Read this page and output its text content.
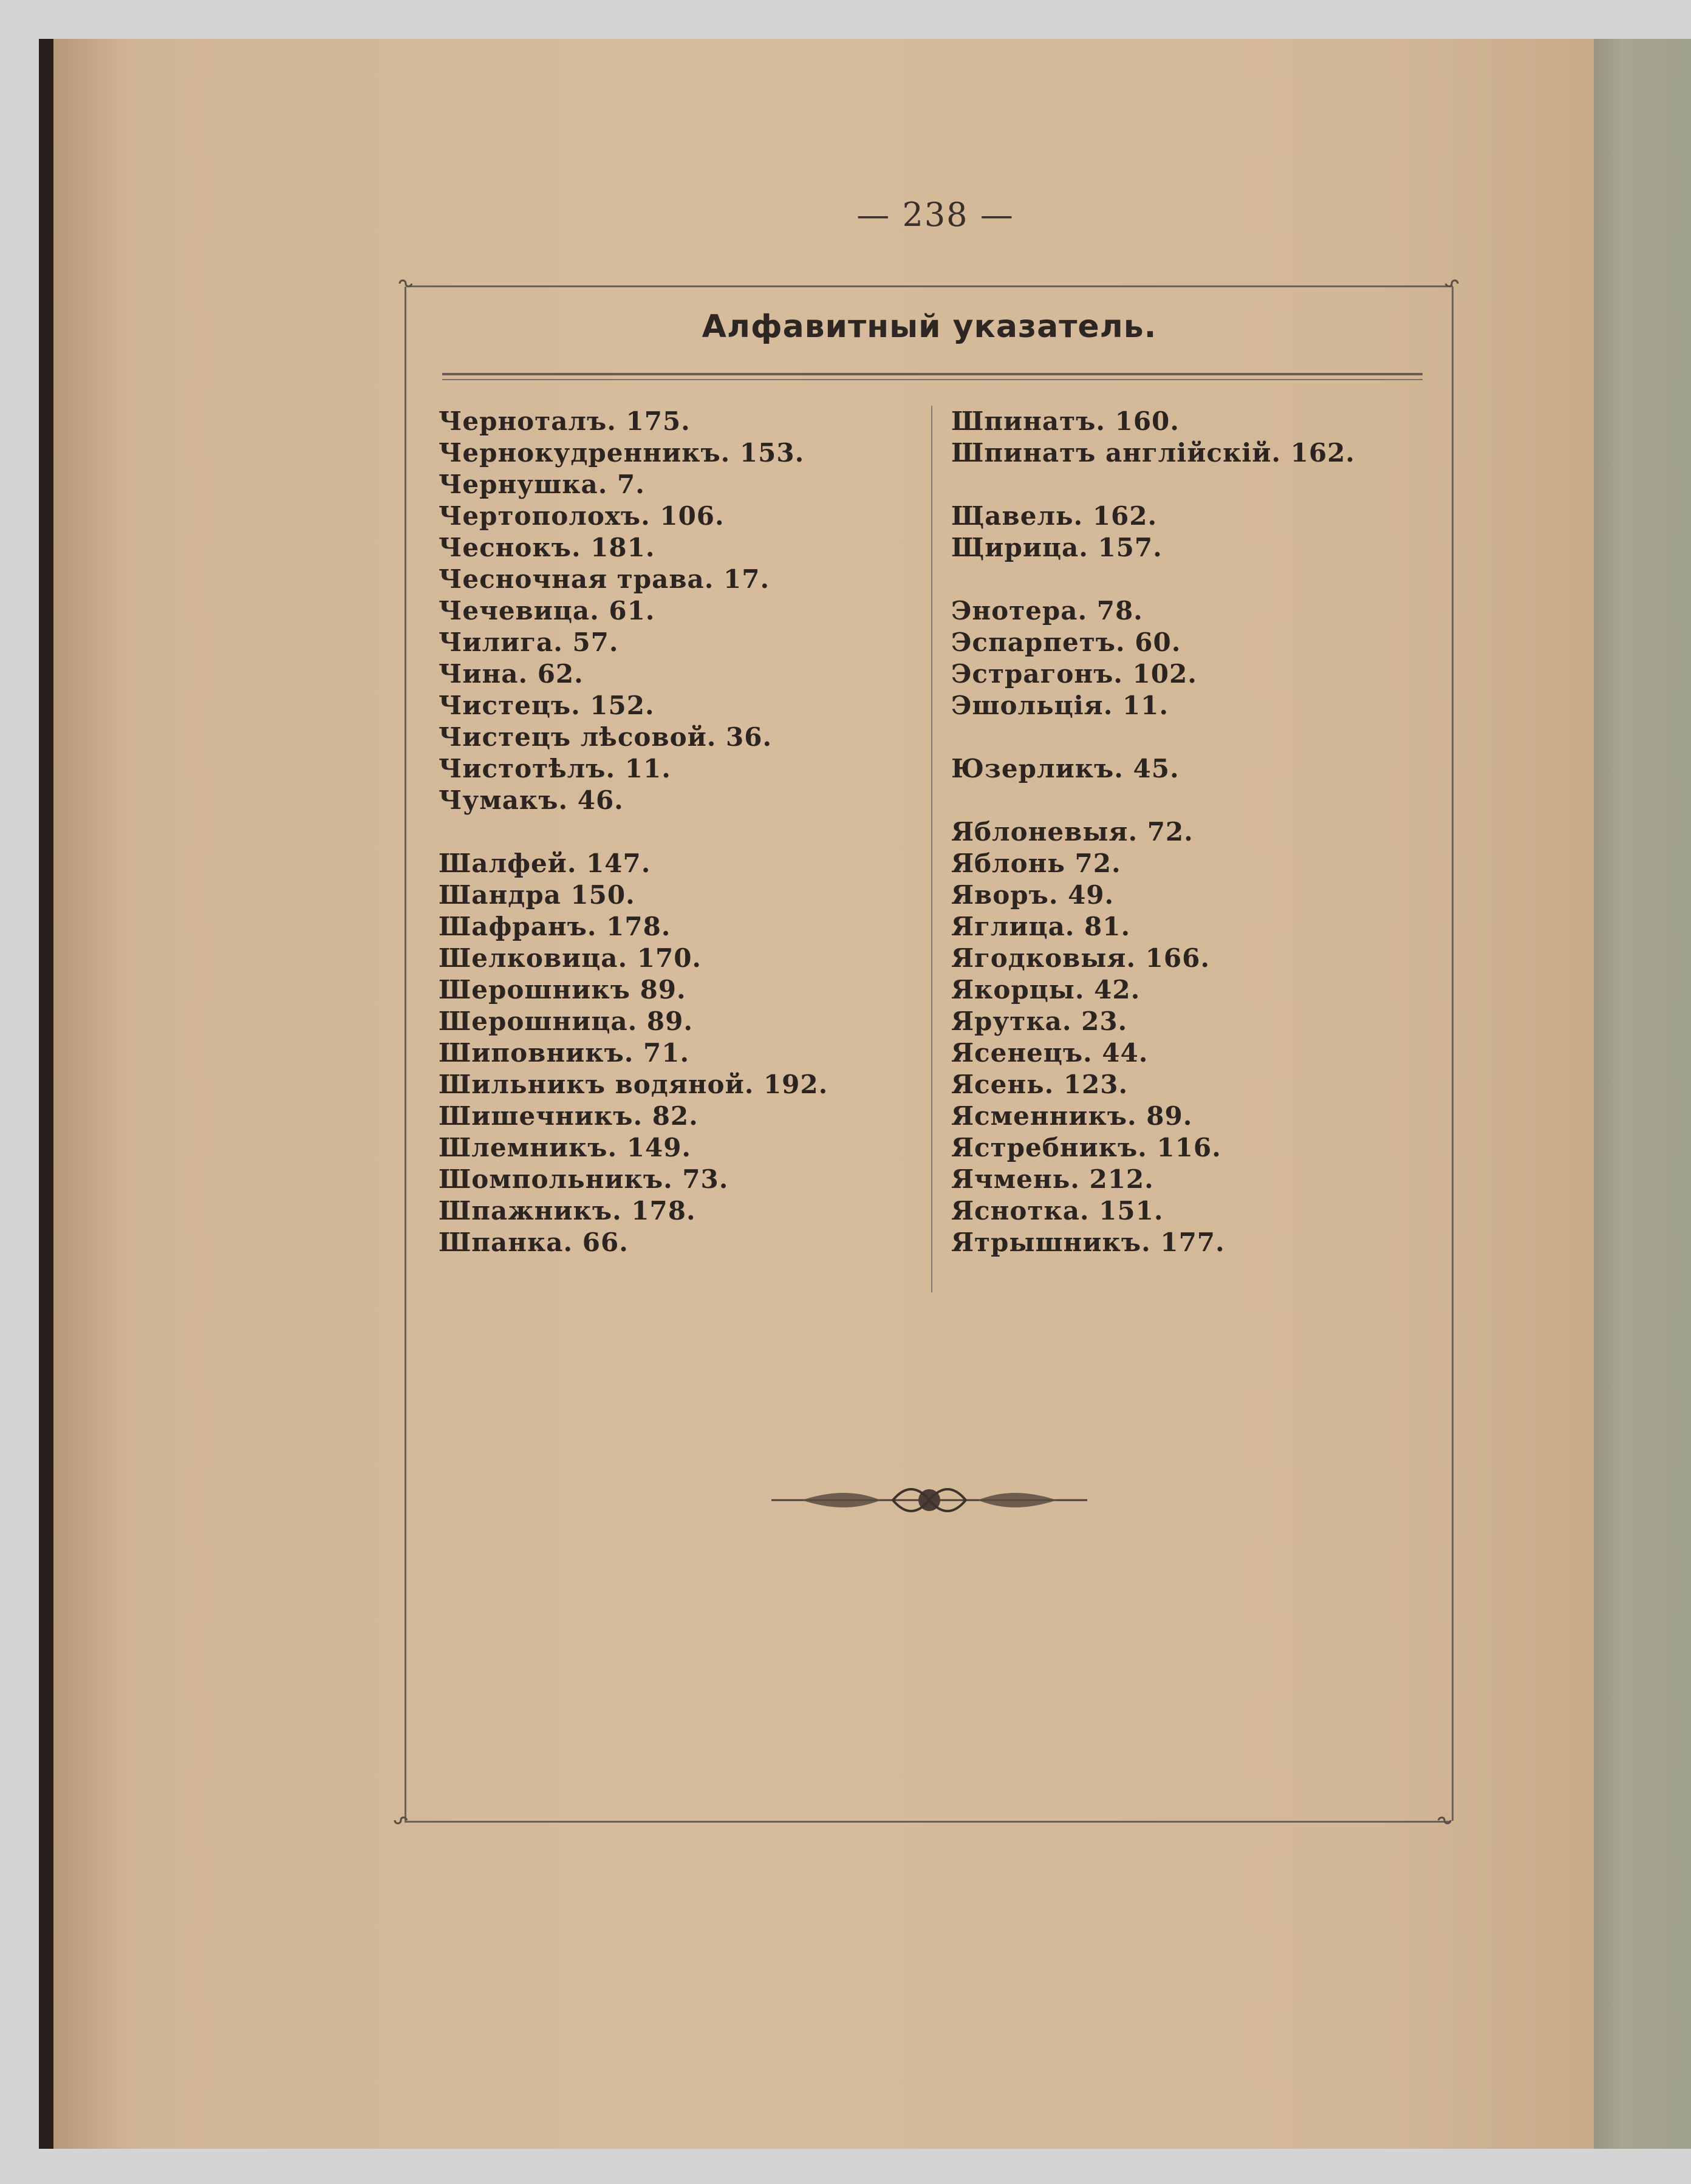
— 238 —
Алфавитный указатель.
Черноталъ. 175.
Чернокудренникъ. 153.
Чернушка. 7.
Чертополохъ. 106.
Чеснокъ. 181.
Чесночная трава. 17.
Чечевица. 61.
Чилига. 57.
Чина. 62.
Чистецъ. 152.
Чистецъ лѣсовой. 36.
Чистотѣлъ. 11.
Чумакъ. 46.
Шалфей. 147.
Шандра 150.
Шафранъ. 178.
Шелковица. 170.
Шерошникъ 89.
Шерошница. 89.
Шиповникъ. 71.
Шильникъ водяной. 192.
Шишечникъ. 82.
Шлемникъ. 149.
Шомпольникъ. 73.
Шпажникъ. 178.
Шпанка. 66.
Шпинатъ. 160.
Шпинатъ англійскій. 162.
Щавель. 162.
Щирица. 157.
Энотера. 78.
Эспарпетъ. 60.
Эстрагонъ. 102.
Эшольція. 11.
Юзерликъ. 45.
Яблоневыя. 72.
Яблонь 72.
Яворъ. 49.
Яглица. 81.
Ягодковыя. 166.
Якорцы. 42.
Ярутка. 23.
Ясенецъ. 44.
Ясень. 123.
Ясменникъ. 89.
Ястребникъ. 116.
Ячмень. 212.
Яснотка. 151.
Ятрышникъ. 177.
